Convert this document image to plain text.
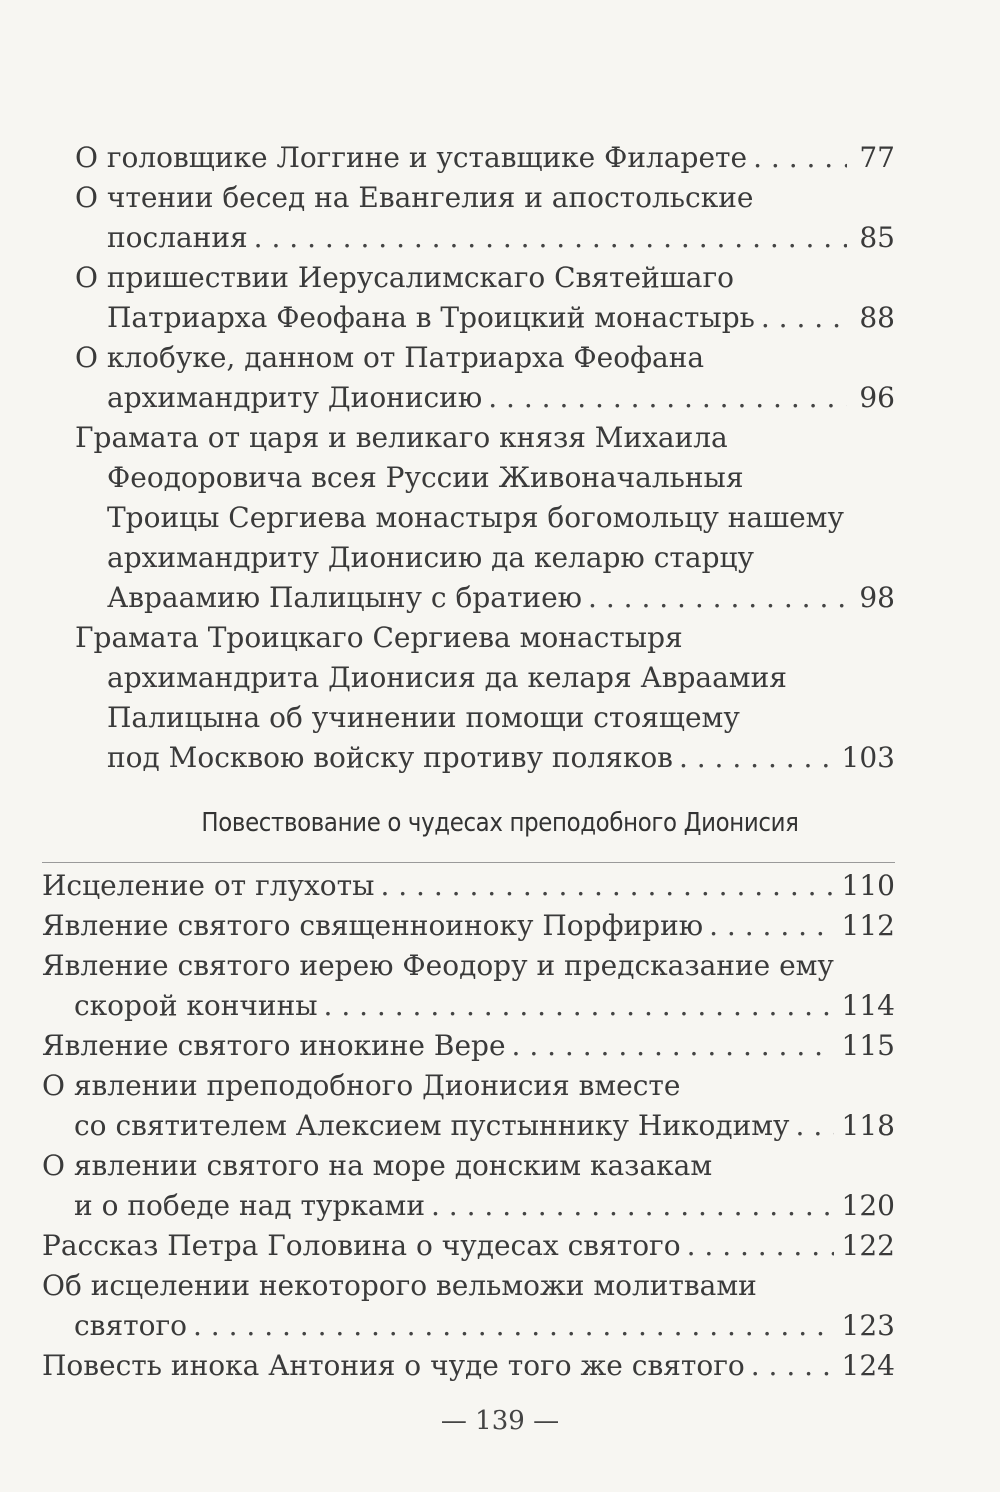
О головщике Логгине и уставщике Филарете . . .	77
О чтении бесед на Евангелия и апостольские
послания . . .	85
О пришествии Иерусалимскаго Святейшаго
Патриарха Феофана в Троицкий монастырь . . .	88
О клобуке, данном от Патриарха Феофана
архимандриту Дионисию . . .	96
Грамата от царя и великаго князя Михаила
Феодоровича всея Руссии Живоначальныя
Троицы Сергиева монастыря богомольцу нашему
архимандриту Дионисию да келарю старцу
Авраамию Палицыну с братиею . . .	98
Грамата Троицкаго Сергиева монастыря
архимандрита Дионисия да келаря Авраамия
Палицына об учинении помощи стоящему
под Москвою войску противу поляков . . .	103
Повествование о чудесах преподобного Дионисия
Исцеление от глухоты . . .	110
Явление святого священноиноку Порфирию . . .	112
Явление святого иерею Феодору и предсказание ему
скорой кончины . . .	114
Явление святого инокине Вере . . .	115
О явлении преподобного Дионисия вместе
со святителем Алексием пустыннику Никодиму . . . 118
О явлении святого на море донским казакам
и о победе над турками . . .	120
Рассказ Петра Головина о чудесах святого . . .	122
Об исцелении некоторого вельможи молитвами
святого . . .	123
Повесть инока Антония о чуде того же святого . . .	124
— 139 —
